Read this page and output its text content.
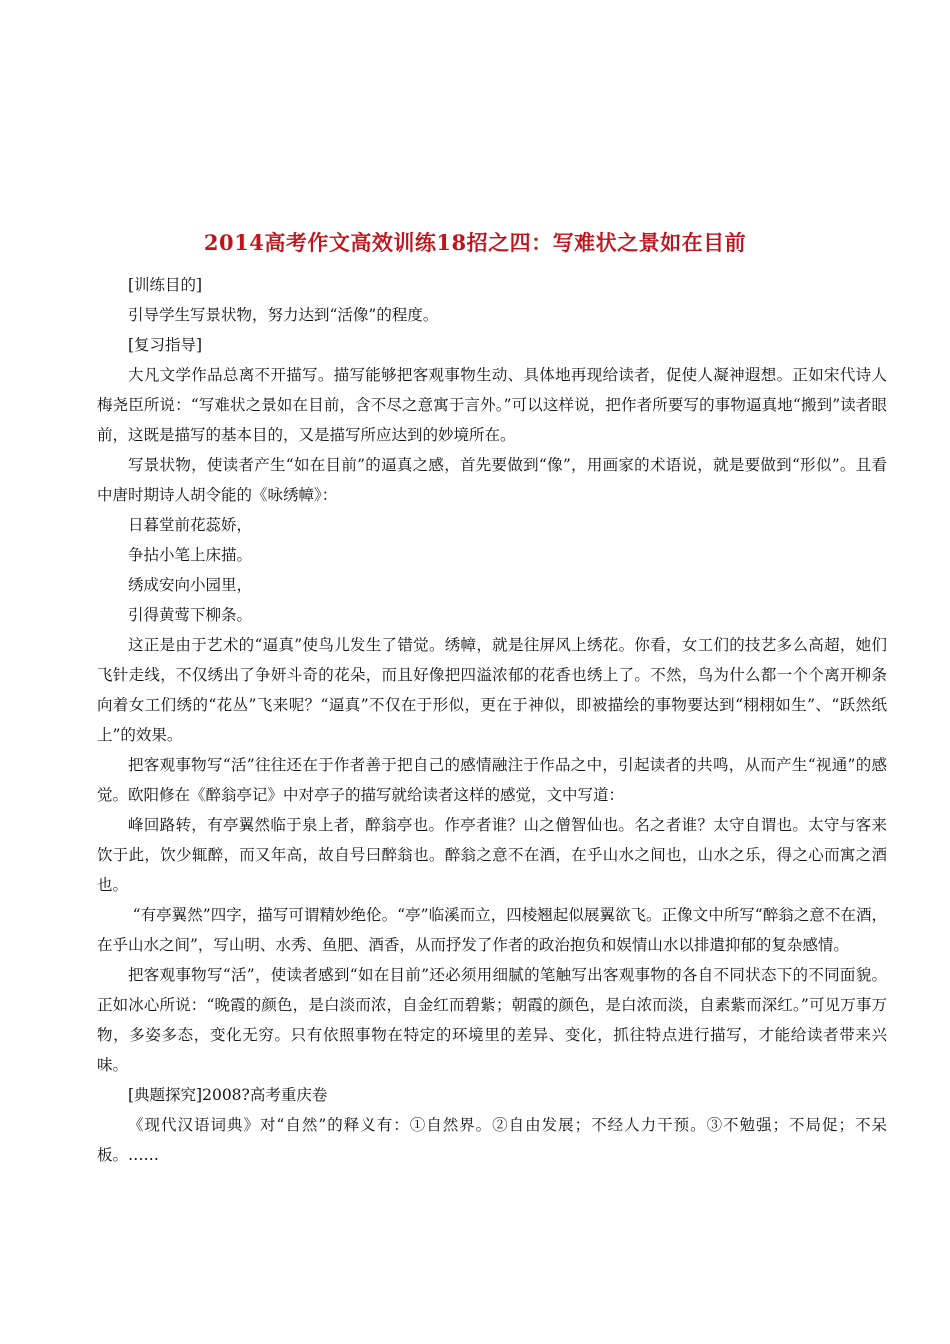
2014高考作文高效训练18招之四：写难状之景如在目前

[训练目的]

引导学生写景状物，努力达到“活像”的程度。

[复习指导]

大凡文学作品总离不开描写。描写能够把客观事物生动、具体地再现给读者，促使人凝神遐想。正如宋代诗人梅尧臣所说：“写难状之景如在目前，含不尽之意寓于言外。”可以这样说，把作者所要写的事物逼真地“搬到”读者眼前，这既是描写的基本目的，又是描写所应达到的妙境所在。

写景状物，使读者产生“如在目前”的逼真之感，首先要做到“像”，用画家的术语说，就是要做到“形似”。且看中唐时期诗人胡令能的《咏绣幛》：

日暮堂前花蕊娇，

争拈小笔上床描。

绣成安向小园里，

引得黄莺下柳条。

这正是由于艺术的“逼真”使鸟儿发生了错觉。绣幛，就是往屏风上绣花。你看，女工们的技艺多么高超，她们飞针走线，不仅绣出了争妍斗奇的花朵，而且好像把四溢浓郁的花香也绣上了。不然，鸟为什么都一个个离开柳条向着女工们绣的“花丛”飞来呢？“逼真”不仅在于形似，更在于神似，即被描绘的事物要达到“栩栩如生”、“跃然纸上”的效果。

把客观事物写“活”往往还在于作者善于把自己的感情融注于作品之中，引起读者的共鸣，从而产生“视通”的感觉。欧阳修在《醉翁亭记》中对亭子的描写就给读者这样的感觉，文中写道：

峰回路转，有亭翼然临于泉上者，醉翁亭也。作亭者谁？山之僧智仙也。名之者谁？太守自谓也。太守与客来饮于此，饮少辄醉，而又年高，故自号曰醉翁也。醉翁之意不在酒，在乎山水之间也，山水之乐，得之心而寓之酒也。

“有亭翼然”四字，描写可谓精妙绝伦。“亭”临溪而立，四棱翘起似展翼欲飞。正像文中所写“醉翁之意不在酒，在乎山水之间”，写山明、水秀、鱼肥、酒香，从而抒发了作者的政治抱负和娱情山水以排遣抑郁的复杂感情。

把客观事物写“活”，使读者感到“如在目前”还必须用细腻的笔触写出客观事物的各自不同状态下的不同面貌。正如冰心所说：“晚霞的颜色，是白淡而浓，自金红而碧紫；朝霞的颜色，是白浓而淡，自素紫而深红。”可见万事万物，多姿多态，变化无穷。只有依照事物在特定的环境里的差异、变化，抓往特点进行描写，才能给读者带来兴味。

[典题探究]2008?高考重庆卷

《现代汉语词典》对“自然”的释义有：①自然界。②自由发展；不经人力干预。③不勉强；不局促；不呆板。……
